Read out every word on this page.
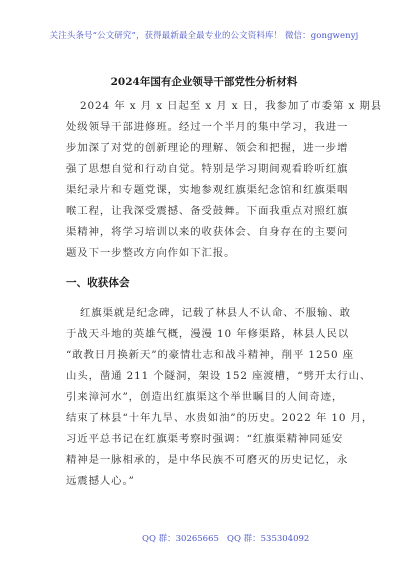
关注头条号“公文研究”，获得最新最全最专业的公文资料库！ 微信：gongwenyj
2024年国有企业领导干部党性分析材料
2024 年 x 月 x 日起至 x 月 x 日，我参加了市委第 x 期县
处级领导干部进修班。经过一个半月的集中学习，我进一
步加深了对党的创新理论的理解、领会和把握，进一步增
强了思想自觉和行动自觉。特别是学习期间观看聆听红旗
渠纪录片和专题党课，实地参观红旗渠纪念馆和红旗渠咽
喉工程，让我深受震撼、备受鼓舞。下面我重点对照红旗
渠精神，将学习培训以来的收获体会、自身存在的主要问
题及下一步整改方向作如下汇报。
一、收获体会
红旗渠就是纪念碑，记载了林县人不认命、不服输、敢
于战天斗地的英雄气概，漫漫 10 年修渠路，林县人民以
“敢教日月换新天”的豪情壮志和战斗精神，削平 1250 座
山头，凿通 211 个隧洞，架设 152 座渡槽，“劈开太行山、
引来漳河水”，创造出红旗渠这个举世瞩目的人间奇迹，
结束了林县“十年九旱、水贵如油”的历史。2022 年 10 月，
习近平总书记在红旗渠考察时强调：“红旗渠精神同延安
精神是一脉相承的，是中华民族不可磨灭的历史记忆，永
远震撼人心。”
QQ 群：30265665 QQ 群：535304092
